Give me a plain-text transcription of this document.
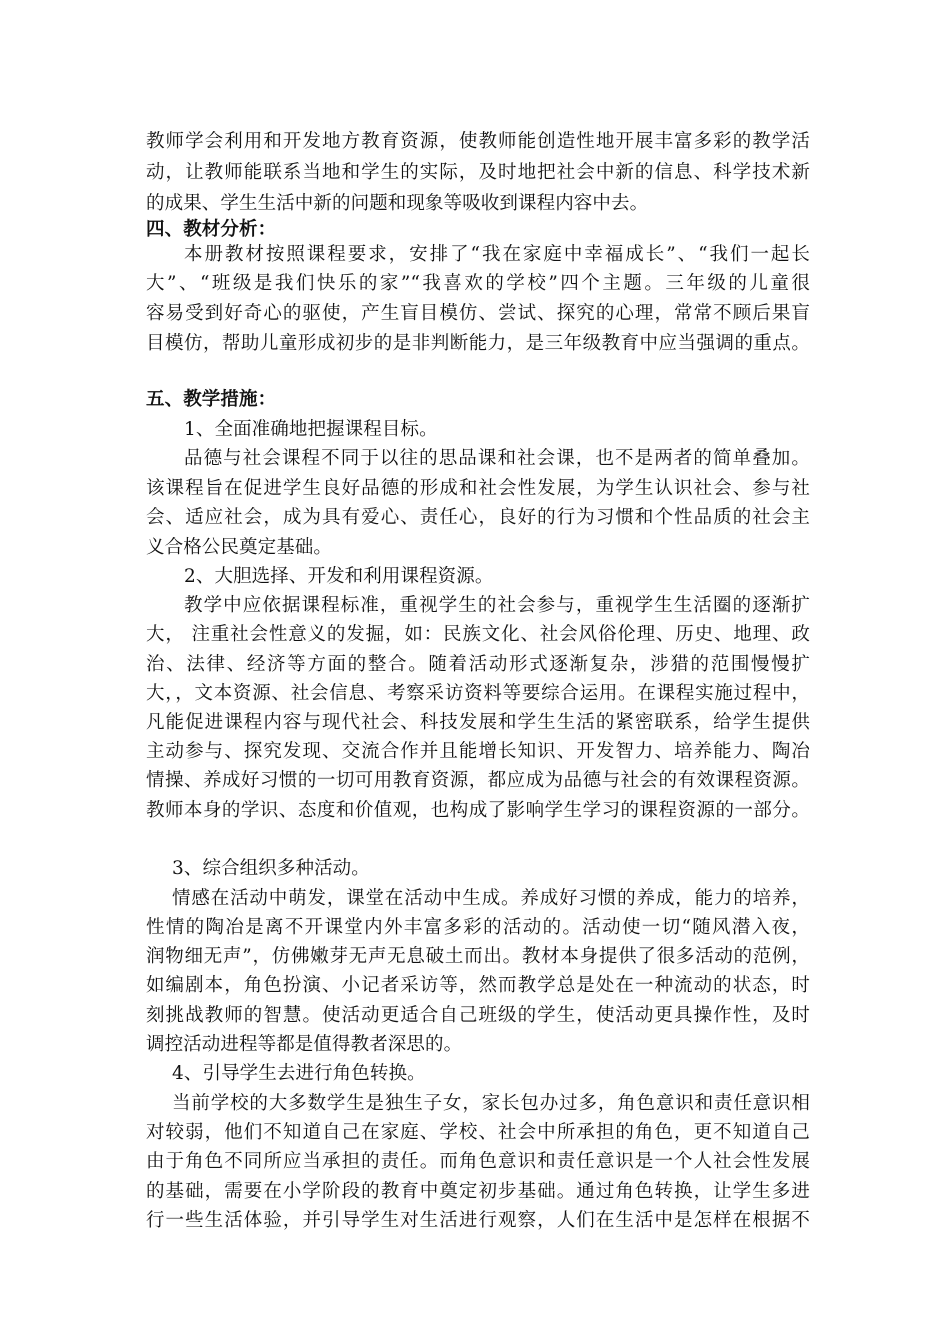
教师学会利用和开发地方教育资源，使教师能创造性地开展丰富多彩的教学活
动，让教师能联系当地和学生的实际，及时地把社会中新的信息、科学技术新
的成果、学生生活中新的问题和现象等吸收到课程内容中去。
四、教材分析：
本册教材按照课程要求，安排了“我在家庭中幸福成长”、“我们一起长
大”、“班级是我们快乐的家”“我喜欢的学校”四个主题。三年级的儿童很
容易受到好奇心的驱使，产生盲目模仿、尝试、探究的心理，常常不顾后果盲
目模仿，帮助儿童形成初步的是非判断能力，是三年级教育中应当强调的重点。
五、教学措施：
1、全面准确地把握课程目标。
品德与社会课程不同于以往的思品课和社会课，也不是两者的简单叠加。
该课程旨在促进学生良好品德的形成和社会性发展，为学生认识社会、参与社
会、适应社会，成为具有爱心、责任心，良好的行为习惯和个性品质的社会主
义合格公民奠定基础。
2、大胆选择、开发和利用课程资源。
教学中应依据课程标准，重视学生的社会参与，重视学生生活圈的逐渐扩
大， 注重社会性意义的发掘，如：民族文化、社会风俗伦理、历史、地理、政
治、法律、经济等方面的整合。随着活动形式逐渐复杂，涉猎的范围慢慢扩
大，，文本资源、社会信息、考察采访资料等要综合运用。在课程实施过程中，
凡能促进课程内容与现代社会、科技发展和学生生活的紧密联系，给学生提供
主动参与、探究发现、交流合作并且能增长知识、开发智力、培养能力、陶冶
情操、养成好习惯的一切可用教育资源，都应成为品德与社会的有效课程资源。
教师本身的学识、态度和价值观，也构成了影响学生学习的课程资源的一部分。
3、综合组织多种活动。
情感在活动中萌发，课堂在活动中生成。养成好习惯的养成，能力的培养，
性情的陶冶是离不开课堂内外丰富多彩的活动的。活动使一切“随风潜入夜，
润物细无声”，仿佛嫩芽无声无息破土而出。教材本身提供了很多活动的范例，
如编剧本，角色扮演、小记者采访等，然而教学总是处在一种流动的状态，时
刻挑战教师的智慧。使活动更适合自己班级的学生，使活动更具操作性，及时
调控活动进程等都是值得教者深思的。
4、引导学生去进行角色转换。
当前学校的大多数学生是独生子女，家长包办过多，角色意识和责任意识相
对较弱，他们不知道自己在家庭、学校、社会中所承担的角色，更不知道自己
由于角色不同所应当承担的责任。而角色意识和责任意识是一个人社会性发展
的基础，需要在小学阶段的教育中奠定初步基础。通过角色转换，让学生多进
行一些生活体验，并引导学生对生活进行观察，人们在生活中是怎样在根据不
